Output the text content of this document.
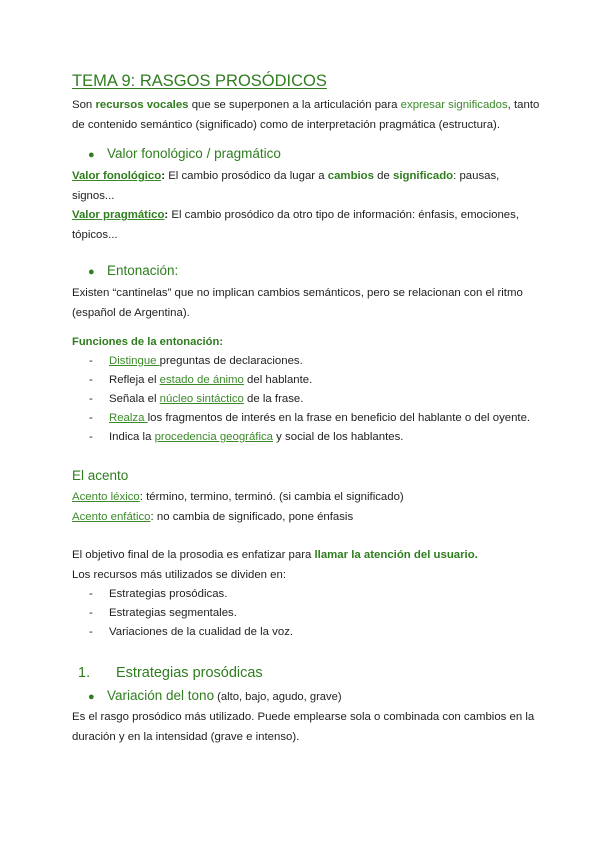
TEMA 9: RASGOS PROSÓDICOS

Son recursos vocales que se superponen a la articulación para expresar significados, tanto

de contenido semántico (significado) como de interpretación pragmática (estructura).

● Valor fonológico / pragmático

Valor fonológico: El cambio prosódico da lugar a cambios de significado: pausas,

signos...

Valor pragmático: El cambio prosódico da otro tipo de información: énfasis, emociones,

tópicos...

● Entonación:

Existen “cantinelas” que no implican cambios semánticos, pero se relacionan con el ritmo

(español de Argentina).

Funciones de la entonación:

- Distingue preguntas de declaraciones.
- Refleja el estado de ánimo del hablante.
- Señala el núcleo sintáctico de la frase.
- Realza los fragmentos de interés en la frase en beneficio del hablante o del oyente.
- Indica la procedencia geográfica y social de los hablantes.
El acento

Acento léxico: término, termino, terminó. (si cambia el significado)

Acento enfático: no cambia de significado, pone énfasis

El objetivo final de la prosodia es enfatizar para llamar la atención del usuario.

Los recursos más utilizados se dividen en:

- Estrategias prosódicas.
- Estrategias segmentales.
- Variaciones de la cualidad de la voz.
1. Estrategias prosódicas
● Variación del tono (alto, bajo, agudo, grave)

Es el rasgo prosódico más utilizado. Puede emplearse sola o combinada con cambios en la

duración y en la intensidad (grave e intenso).
